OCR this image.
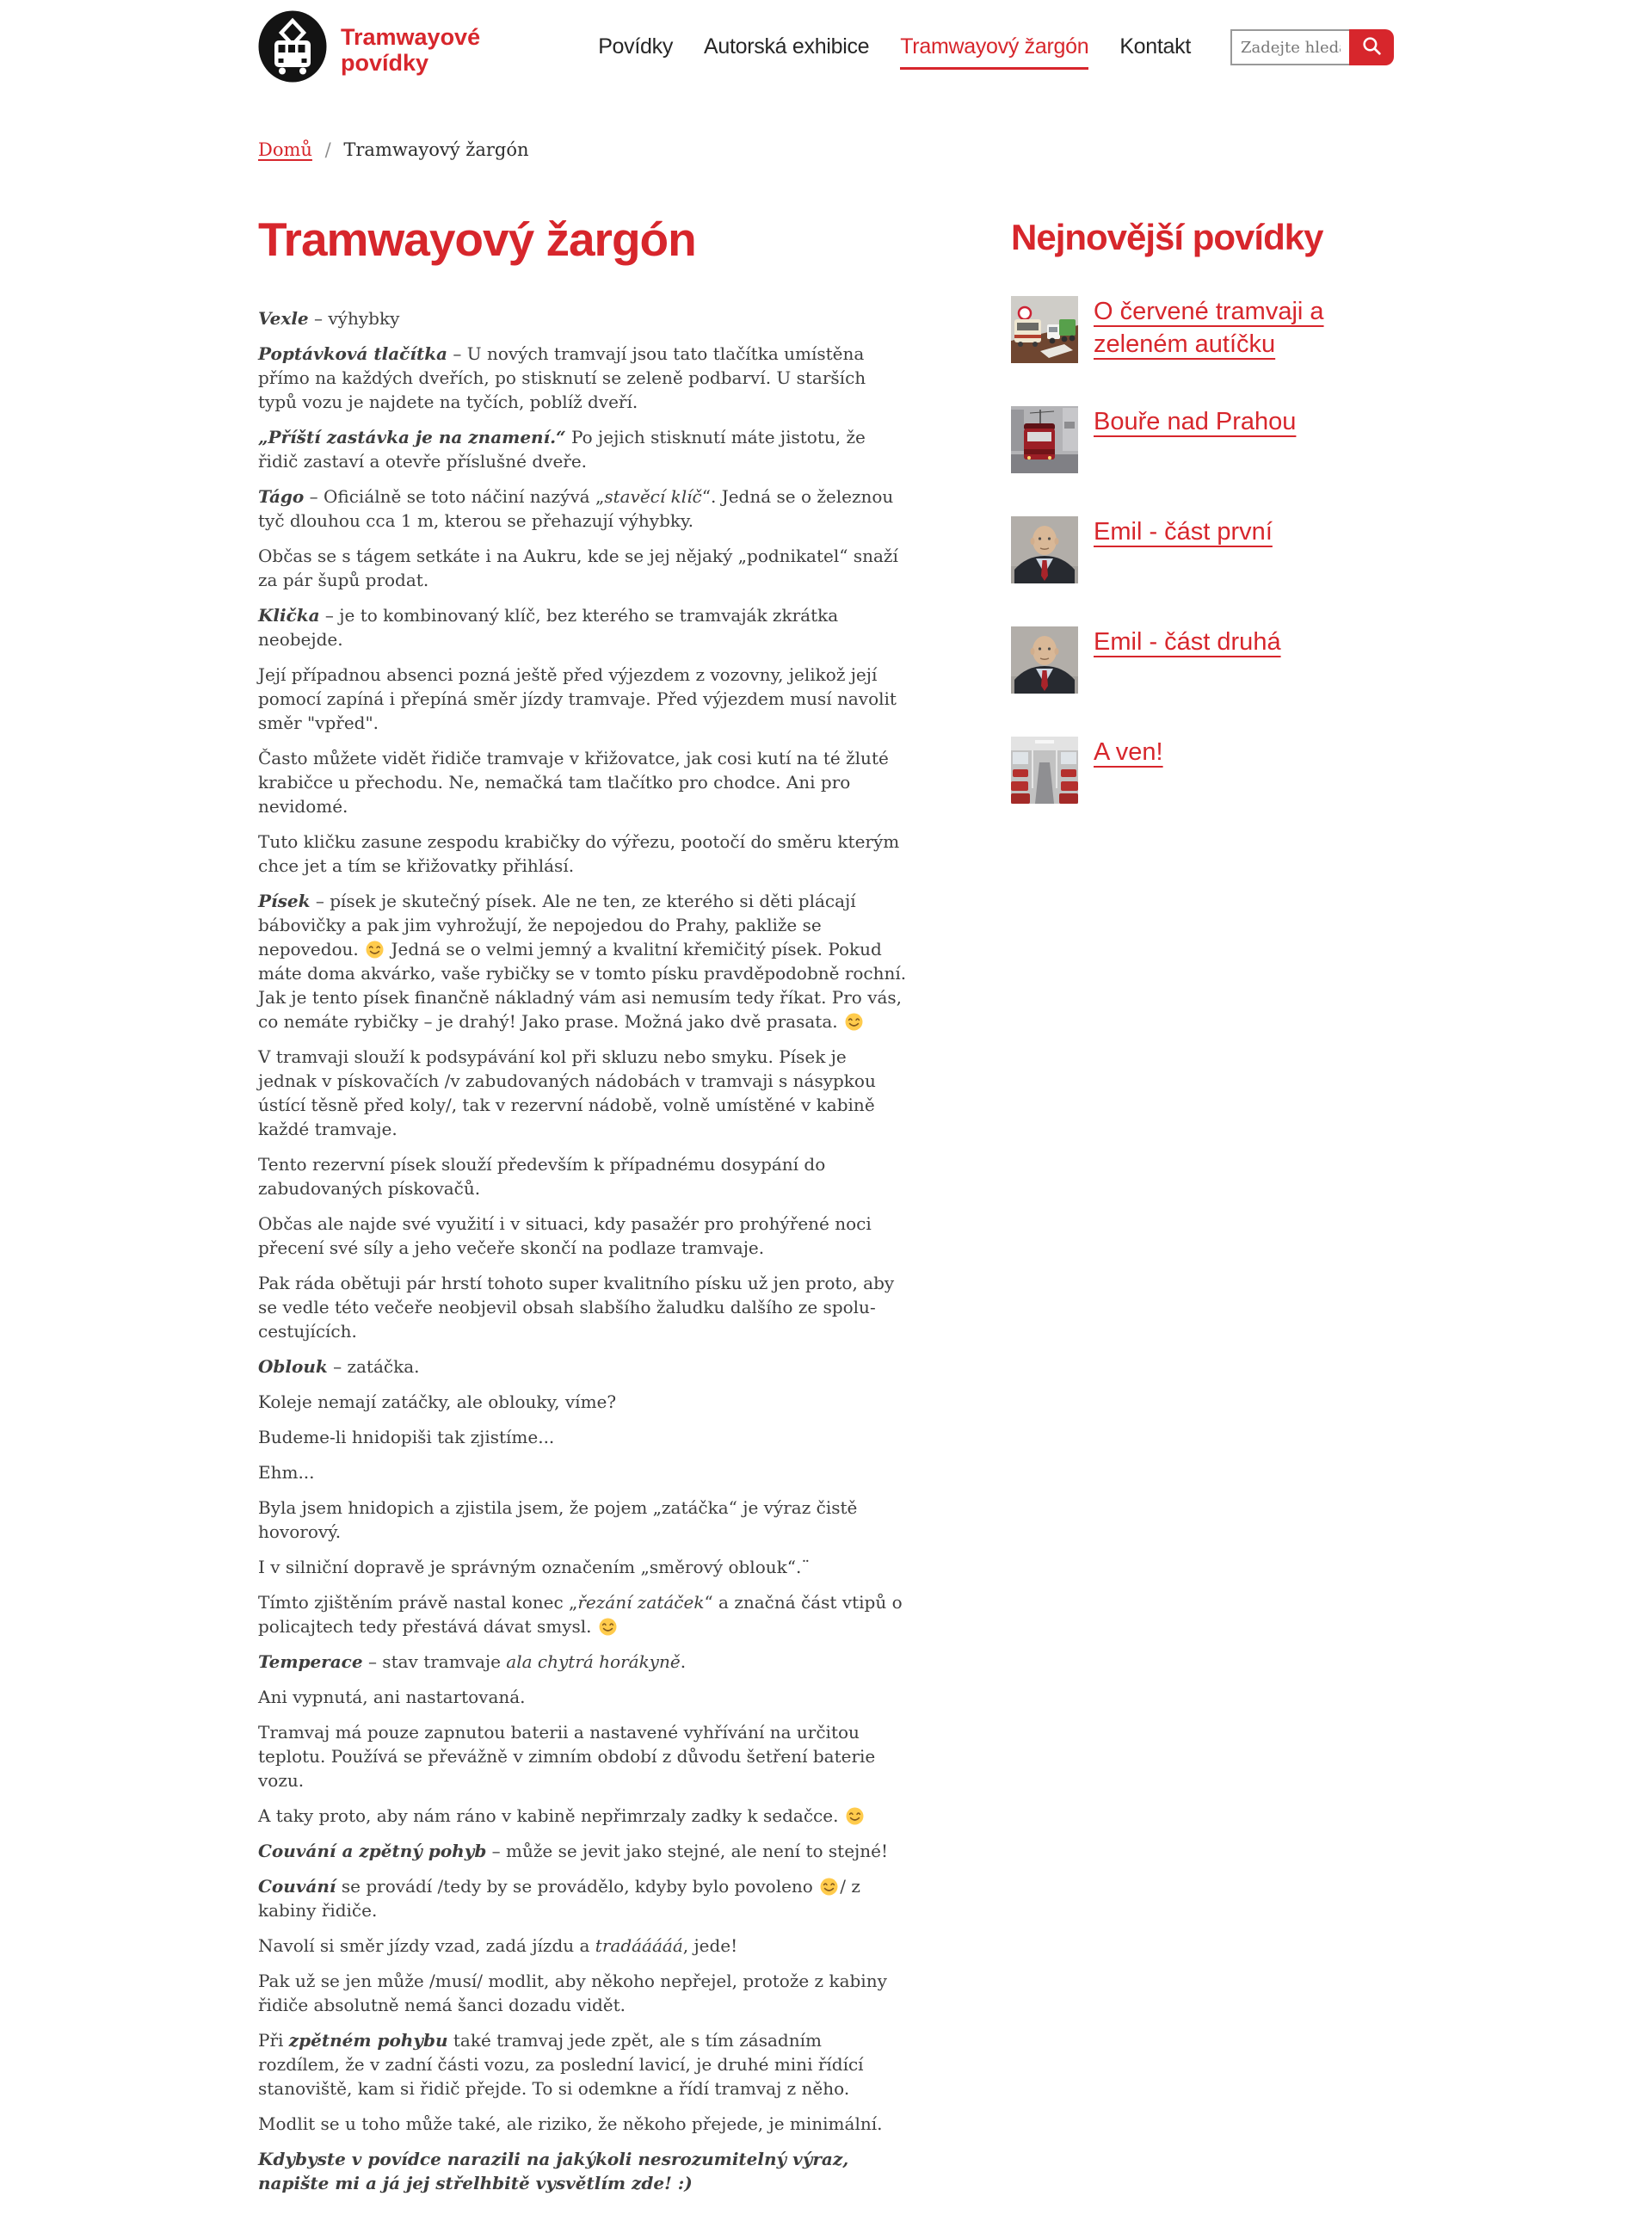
Tramwayové povídky
Povídky Autorská exhibice Tramwayový žargón Kontakt
Zadejte hledaný výraz
Domů / Tramwayový žargón
Tramwayový žargón

Vexle – výhybky

Poptávková tlačítka – U nových tramvají jsou tato tlačítka umístěna přímo na každých dveřích, po stisknutí se zeleně podbarví. U starších typů vozu je najdete na tyčích, poblíž dveří.

„Příští zastávka je na znamení.“ Po jejich stisknutí máte jistotu, že řidič zastaví a otevře příslušné dveře.

Tágo – Oficiálně se toto náčiní nazývá „stavěcí klíč“. Jedná se o železnou tyč dlouhou cca 1 m, kterou se přehazují výhybky.

Občas se s tágem setkáte i na Aukru, kde se jej nějaký „podnikatel“ snaží za pár šupů prodat.

Klička – je to kombinovaný klíč, bez kterého se tramvaják zkrátka neobejde.

Její případnou absenci pozná ještě před výjezdem z vozovny, jelikož její pomocí zapíná i přepíná směr jízdy tramvaje. Před výjezdem musí navolit směr "vpřed".

Často můžete vidět řidiče tramvaje v křižovatce, jak cosi kutí na té žluté krabičce u přechodu. Ne, nemačká tam tlačítko pro chodce. Ani pro nevidomé.

Tuto kličku zasune zespodu krabičky do výřezu, pootočí do směru kterým chce jet a tím se křižovatky přihlásí.

Písek – písek je skutečný písek. Ale ne ten, ze kterého si děti plácají bábovičky a pak jim vyhrožují, že nepojedou do Prahy, pakliže se nepovedou.  Jedná se o velmi jemný a kvalitní křemičitý písek. Pokud máte doma akvárko, vaše rybičky se v tomto písku pravděpodobně rochní. Jak je tento písek finančně nákladný vám asi nemusím tedy říkat. Pro vás, co nemáte rybičky – je drahý! Jako prase. Možná jako dvě prasata.

V tramvaji slouží k podsypávání kol při skluzu nebo smyku. Písek je jednak v pískovačích /v zabudovaných nádobách v tramvaji s násypkou ústící těsně před koly/, tak v rezervní nádobě, volně umístěné v kabině každé tramvaje.

Tento rezervní písek slouží především k případnému dosypání do zabudovaných pískovačů.

Občas ale najde své využití i v situaci, kdy pasažér pro prohýřené noci přecení své síly a jeho večeře skončí na podlaze tramvaje.

Pak ráda obětuji pár hrstí tohoto super kvalitního písku už jen proto, aby se vedle této večeře neobjevil obsah slabšího žaludku dalšího ze spolu-cestujících.

Oblouk – zatáčka.

Koleje nemají zatáčky, ale oblouky, víme?

Budeme-li hnidopiši tak zjistíme...

Ehm...

Byla jsem hnidopich a zjistila jsem, že pojem „zatáčka“ je výraz čistě hovorový.

I v silniční dopravě je správným označením „směrový oblouk“.¨

Tímto zjištěním právě nastal konec „řezání zatáček“ a značná část vtipů o policajtech tedy přestává dávat smysl.

Temperace – stav tramvaje ala chytrá horákyně.

Ani vypnutá, ani nastartovaná.

Tramvaj má pouze zapnutou baterii a nastavené vyhřívání na určitou teplotu. Používá se převážně v zimním období z důvodu šetření baterie vozu.

A taky proto, aby nám ráno v kabině nepřimrzaly zadky k sedačce.

Couvání a zpětný pohyb – může se jevit jako stejné, ale není to stejné!

Couvání se provádí /tedy by se provádělo, kdyby bylo povoleno / z kabiny řidiče.

Navolí si směr jízdy vzad, zadá jízdu a tradááááá, jede!

Pak už se jen může /musí/ modlit, aby někoho nepřejel, protože z kabiny řidiče absolutně nemá šanci dozadu vidět.

Při zpětném pohybu také tramvaj jede zpět, ale s tím zásadním rozdílem, že v zadní části vozu, za poslední lavicí, je druhé mini řídící stanoviště, kam si řidič přejde. To si odemkne a řídí tramvaj z něho.

Modlit se u toho může také, ale riziko, že někoho přejede, je minimální.

Kdybyste v povídce narazili na jakýkoli nesrozumitelný výraz, napište mi a já jej střelhbitě vysvětlím zde! :)

Nejnovější povídky
O červené tramvaji a zeleném autíčku
Bouře nad Prahou
Emil - část první
Emil - část druhá
A ven!
